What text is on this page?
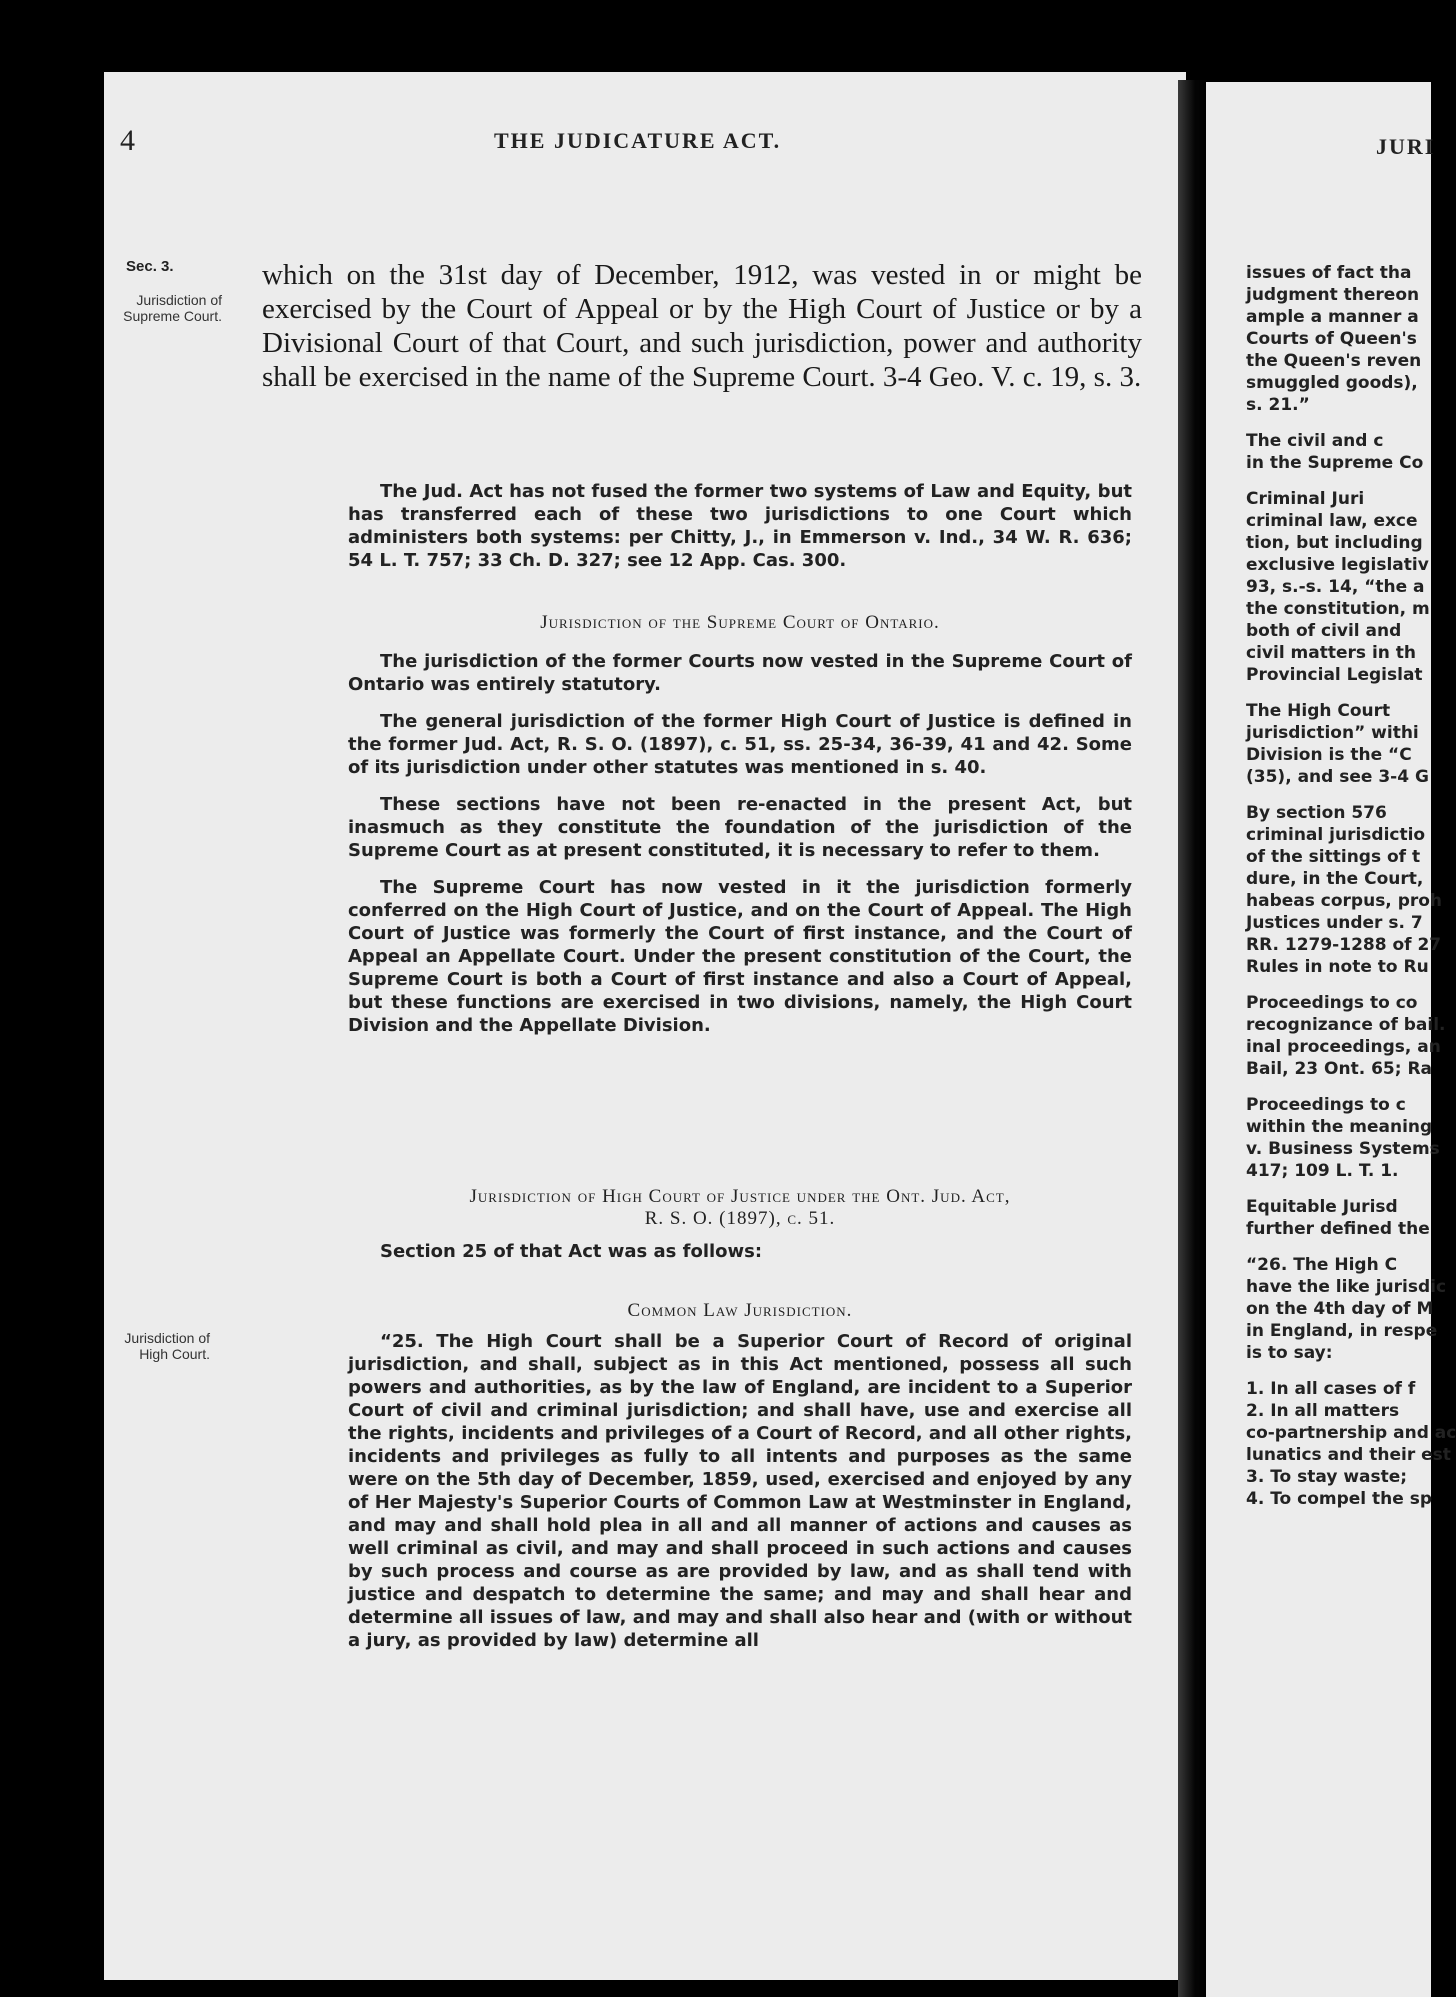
4	THE JUDICATURE ACT.
Sec. 3.
Jurisdiction of Supreme Court.
Jurisdiction of High Court.
which on the 31st day of December, 1912, was vested in or might be exercised by the Court of Appeal or by the High Court of Justice or by a Divisional Court of that Court, and such jurisdiction, power and authority shall be exercised in the name of the Supreme Court. 3-4 Geo. V. c. 19, s. 3.

The Jud. Act has not fused the former two systems of Law and Equity, but has transferred each of these two jurisdictions to one Court which administers both systems: per Chitty, J., in Emmerson v. Ind., 34 W. R. 636; 54 L. T. 757; 33 Ch. D. 327; see 12 App. Cas. 300.

Jurisdiction of the Supreme Court of Ontario.

The jurisdiction of the former Courts now vested in the Supreme Court of Ontario was entirely statutory.

The general jurisdiction of the former High Court of Justice is defined in the former Jud. Act, R. S. O. (1897), c. 51, ss. 25-34, 36-39, 41 and 42. Some of its jurisdiction under other statutes was mentioned in s. 40.

These sections have not been re-enacted in the present Act, but inasmuch as they constitute the foundation of the jurisdiction of the Supreme Court as at present constituted, it is necessary to refer to them.

The Supreme Court has now vested in it the jurisdiction formerly conferred on the High Court of Justice, and on the Court of Appeal. The High Court of Justice was formerly the Court of first instance, and the Court of Appeal an Appellate Court. Under the present constitution of the Court, the Supreme Court is both a Court of first instance and also a Court of Appeal, but these functions are exercised in two divisions, namely, the High Court Division and the Appellate Division.

Jurisdiction of High Court of Justice under the Ont. Jud. Act,
R. S. O. (1897), c. 51.

Section 25 of that Act was as follows:

Common Law Jurisdiction.

“25. The High Court shall be a Superior Court of Record of original jurisdiction, and shall, subject as in this Act mentioned, possess all such powers and authorities, as by the law of England, are incident to a Superior Court of civil and criminal jurisdiction; and shall have, use and exercise all the rights, incidents and privileges of a Court of Record, and all other rights, incidents and privileges as fully to all intents and purposes as the same were on the 5th day of December, 1859, used, exercised and enjoyed by any of Her Majesty's Superior Courts of Common Law at Westminster in England, and may and shall hold plea in all and all manner of actions and causes as well criminal as civil, and may and shall proceed in such actions and causes by such process and course as are provided by law, and as shall tend with justice and despatch to determine the same; and may and shall hear and determine all issues of law, and may and shall also hear and (with or without a jury, as provided by law) determine all

JURI

issues of fact tha
judgment thereon
ample a manner a
Courts of Queen's
the Queen's reven
smuggled goods),
s. 21.”

The civil and c
in the Supreme Co

Criminal Juri
criminal law, exce
tion, but including
exclusive legislativ
93, s.-s. 14, “the a
the constitution, m
both of civil and
civil matters in th
Provincial Legislat

The High Court
jurisdiction” withi
Division is the “C
(35), and see 3-4 G

By section 576
criminal jurisdictio
of the sittings of t
dure, in the Court,
habeas corpus, proh
Justices under s. 7
RR. 1279-1288 of 27
Rules in note to Ru

Proceedings to co
recognizance of bail.
inal proceedings, an
Bail, 23 Ont. 65; Ra

Proceedings to c
within the meaning
v. Business Systems
417; 109 L. T. 1.

Equitable Jurisd
further defined the

“26. The High C
have the like jurisdic
on the 4th day of M
in England, in respe
is to say:

1. In all cases of f
2. In all matters
co-partnership and ac
lunatics and their est
3. To stay waste;
4. To compel the sp
